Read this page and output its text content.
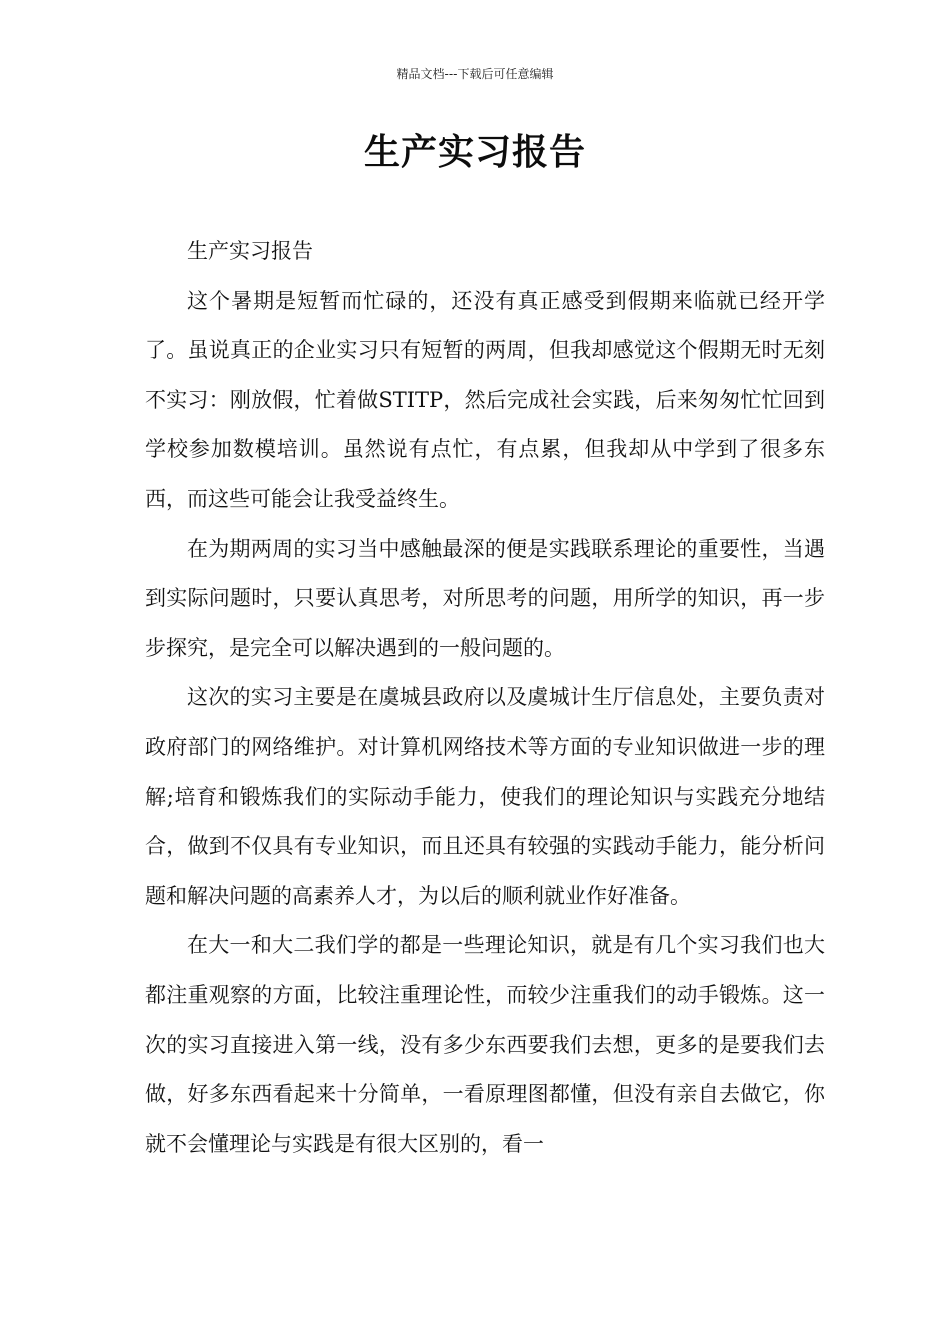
精品文档---下载后可任意编辑
生产实习报告

生产实习报告

这个暑期是短暂而忙碌的，还没有真正感受到假期来临就已经开学了。虽说真正的企业实习只有短暂的两周，但我却感觉这个假期无时无刻不实习：刚放假，忙着做STITP，然后完成社会实践，后来匆匆忙忙回到学校参加数模培训。虽然说有点忙，有点累，但我却从中学到了很多东西，而这些可能会让我受益终生。

在为期两周的实习当中感触最深的便是实践联系理论的重要性，当遇到实际问题时，只要认真思考，对所思考的问题，用所学的知识，再一步步探究，是完全可以解决遇到的一般问题的。

这次的实习主要是在虞城县政府以及虞城计生厅信息处，主要负责对政府部门的网络维护。对计算机网络技术等方面的专业知识做进一步的理解;培育和锻炼我们的实际动手能力，使我们的理论知识与实践充分地结合，做到不仅具有专业知识，而且还具有较强的实践动手能力，能分析问题和解决问题的高素养人才，为以后的顺利就业作好准备。

在大一和大二我们学的都是一些理论知识，就是有几个实习我们也大都注重观察的方面，比较注重理论性，而较少注重我们的动手锻炼。这一次的实习直接进入第一线，没有多少东西要我们去想，更多的是要我们去做，好多东西看起来十分简单，一看原理图都懂，但没有亲自去做它，你就不会懂理论与实践是有很大区别的，看一
